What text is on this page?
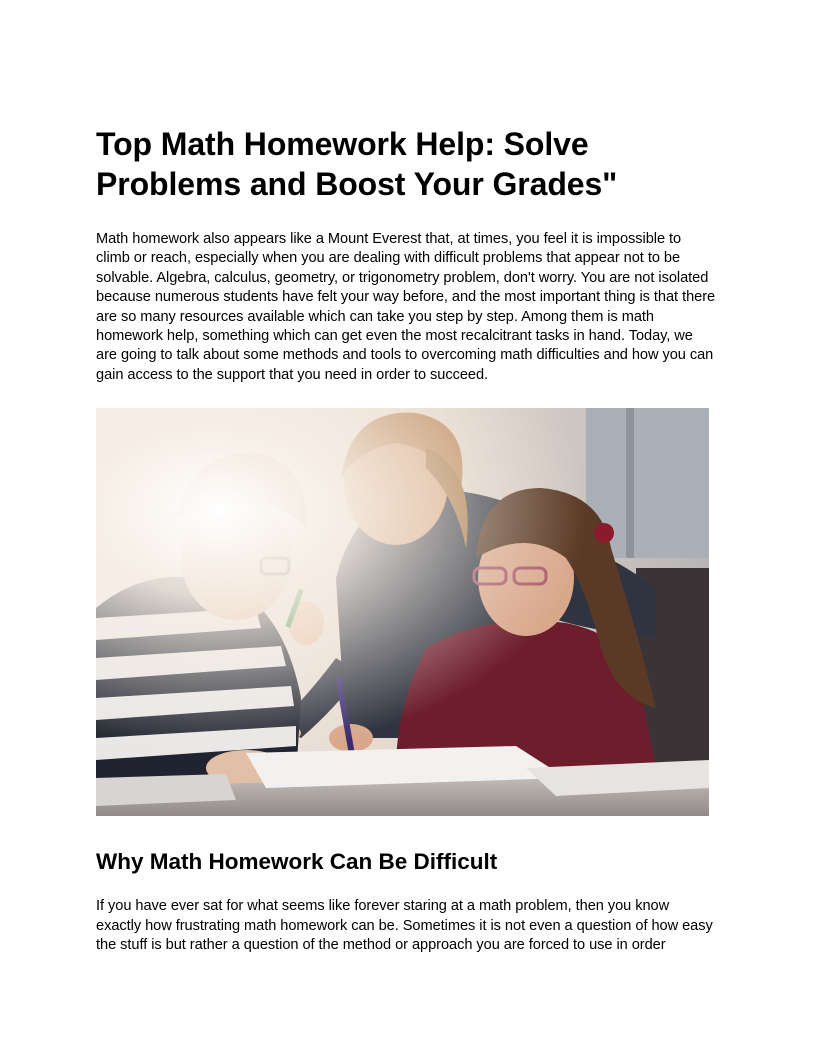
Top Math Homework Help: Solve Problems and Boost Your Grades"

Math homework also appears like a Mount Everest that, at times, you feel it is impossible to climb or reach, especially when you are dealing with difficult problems that appear not to be solvable. Algebra, calculus, geometry, or trigonometry problem, don't worry. You are not isolated because numerous students have felt your way before, and the most important thing is that there are so many resources available which can take you step by step. Among them is math homework help, something which can get even the most recalcitrant tasks in hand. Today, we are going to talk about some methods and tools to overcoming math difficulties and how you can gain access to the support that you need in order to succeed.

Why Math Homework Can Be Difficult

If you have ever sat for what seems like forever staring at a math problem, then you know exactly how frustrating math homework can be. Sometimes it is not even a question of how easy the stuff is but rather a question of the method or approach you are forced to use in order
